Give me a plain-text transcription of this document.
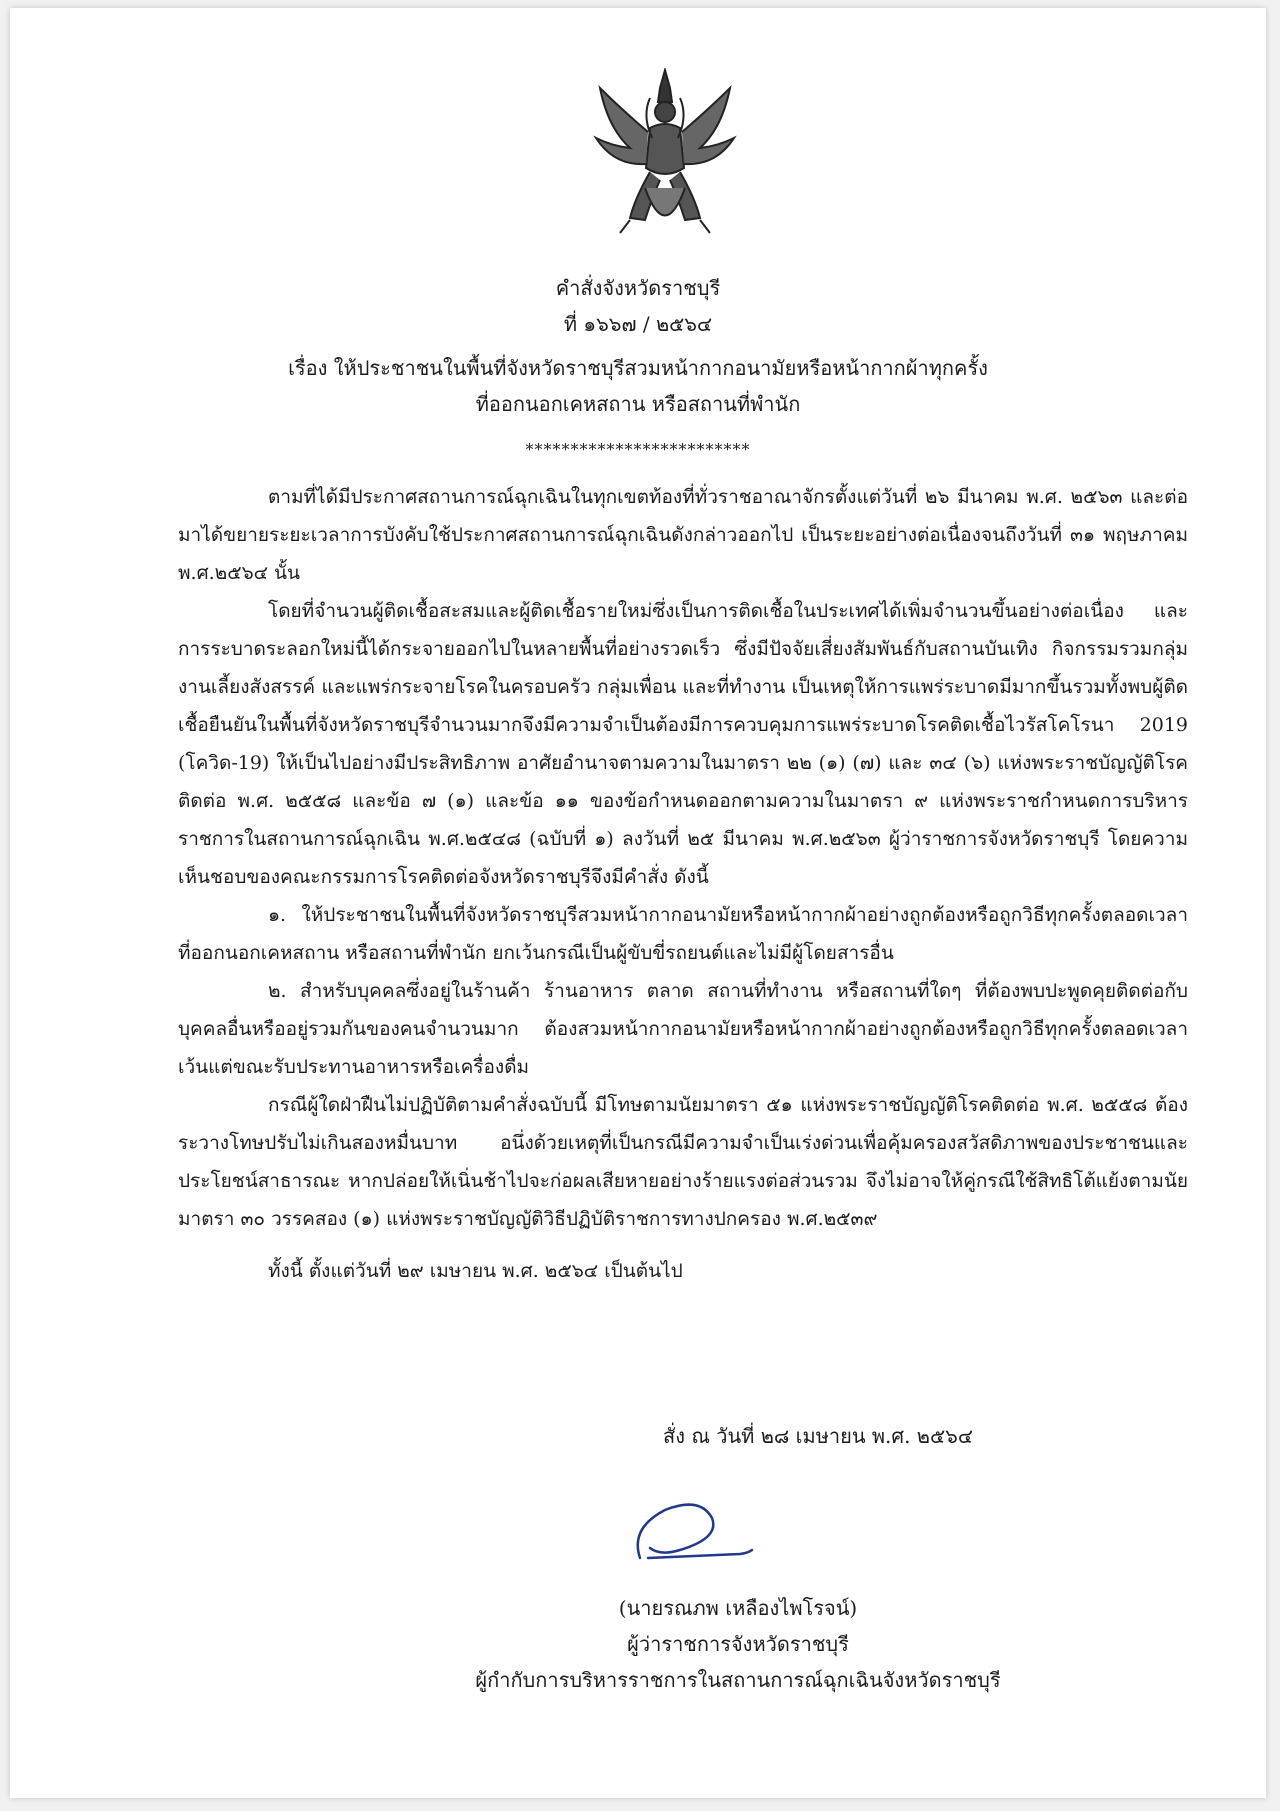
คำสั่งจังหวัดราชบุรี
ที่ ๑๖๖๗ / ๒๕๖๔
เรื่อง ให้ประชาชนในพื้นที่จังหวัดราชบุรีสวมหน้ากากอนามัยหรือหน้ากากผ้าทุกครั้ง
ที่ออกนอกเคหสถาน หรือสถานที่พำนัก
*************************

ตามที่ได้มีประกาศสถานการณ์ฉุกเฉินในทุกเขตท้องที่ทั่วราชอาณาจักรตั้งแต่วันที่ ๒๖ มีนาคม พ.ศ. ๒๕๖๓ และต่อมาได้ขยายระยะเวลาการบังคับใช้ประกาศสถานการณ์ฉุกเฉินดังกล่าวออกไป เป็นระยะอย่างต่อเนื่องจนถึงวันที่ ๓๑ พฤษภาคม พ.ศ.๒๕๖๔ นั้น

โดยที่จำนวนผู้ติดเชื้อสะสมและผู้ติดเชื้อรายใหม่ซึ่งเป็นการติดเชื้อในประเทศได้เพิ่มจำนวนขึ้นอย่างต่อเนื่อง และการระบาดระลอกใหม่นี้ได้กระจายออกไปในหลายพื้นที่อย่างรวดเร็ว ซึ่งมีปัจจัยเสี่ยงสัมพันธ์กับสถานบันเทิง กิจกรรมรวมกลุ่ม งานเลี้ยงสังสรรค์ และแพร่กระจายโรคในครอบครัว กลุ่มเพื่อน และที่ทำงาน เป็นเหตุให้การแพร่ระบาดมีมากขึ้นรวมทั้งพบผู้ติดเชื้อยืนยันในพื้นที่จังหวัดราชบุรีจำนวนมากจึงมีความจำเป็นต้องมีการควบคุมการแพร่ระบาดโรคติดเชื้อไวรัสโคโรนา 2019 (โควิด-19) ให้เป็นไปอย่างมีประสิทธิภาพ อาศัยอำนาจตามความในมาตรา ๒๒ (๑) (๗) และ ๓๔ (๖) แห่งพระราชบัญญัติโรคติดต่อ พ.ศ. ๒๕๕๘ และข้อ ๗ (๑) และข้อ ๑๑ ของข้อกำหนดออกตามความในมาตรา ๙ แห่งพระราชกำหนดการบริหารราชการในสถานการณ์ฉุกเฉิน พ.ศ.๒๕๔๘ (ฉบับที่ ๑) ลงวันที่ ๒๕ มีนาคม พ.ศ.๒๕๖๓ ผู้ว่าราชการจังหวัดราชบุรี โดยความเห็นชอบของคณะกรรมการโรคติดต่อจังหวัดราชบุรีจึงมีคำสั่ง ดังนี้

๑. ให้ประชาชนในพื้นที่จังหวัดราชบุรีสวมหน้ากากอนามัยหรือหน้ากากผ้าอย่างถูกต้องหรือถูกวิธีทุกครั้งตลอดเวลาที่ออกนอกเคหสถาน หรือสถานที่พำนัก ยกเว้นกรณีเป็นผู้ขับขี่รถยนต์และไม่มีผู้โดยสารอื่น

๒. สำหรับบุคคลซึ่งอยู่ในร้านค้า ร้านอาหาร ตลาด สถานที่ทำงาน หรือสถานที่ใดๆ ที่ต้องพบปะพูดคุยติดต่อกับบุคคลอื่นหรืออยู่รวมกันของคนจำนวนมาก ต้องสวมหน้ากากอนามัยหรือหน้ากากผ้าอย่างถูกต้องหรือถูกวิธีทุกครั้งตลอดเวลา เว้นแต่ขณะรับประทานอาหารหรือเครื่องดื่ม

กรณีผู้ใดฝ่าฝืนไม่ปฏิบัติตามคำสั่งฉบับนี้ มีโทษตามนัยมาตรา ๕๑ แห่งพระราชบัญญัติโรคติดต่อ พ.ศ. ๒๕๕๘ ต้องระวางโทษปรับไม่เกินสองหมื่นบาท อนึ่งด้วยเหตุที่เป็นกรณีมีความจำเป็นเร่งด่วนเพื่อคุ้มครองสวัสดิภาพของประชาชนและประโยชน์สาธารณะ หากปล่อยให้เนิ่นช้าไปจะก่อผลเสียหายอย่างร้ายแรงต่อส่วนรวม จึงไม่อาจให้คู่กรณีใช้สิทธิโต้แย้งตามนัยมาตรา ๓๐ วรรคสอง (๑) แห่งพระราชบัญญัติวิธีปฏิบัติราชการทางปกครอง พ.ศ.๒๕๓๙

ทั้งนี้ ตั้งแต่วันที่ ๒๙ เมษายน พ.ศ. ๒๕๖๔ เป็นต้นไป

สั่ง ณ วันที่ ๒๘ เมษายน พ.ศ. ๒๕๖๔
(นายรณภพ เหลืองไพโรจน์)
ผู้ว่าราชการจังหวัดราชบุรี
ผู้กำกับการบริหารราชการในสถานการณ์ฉุกเฉินจังหวัดราชบุรี
